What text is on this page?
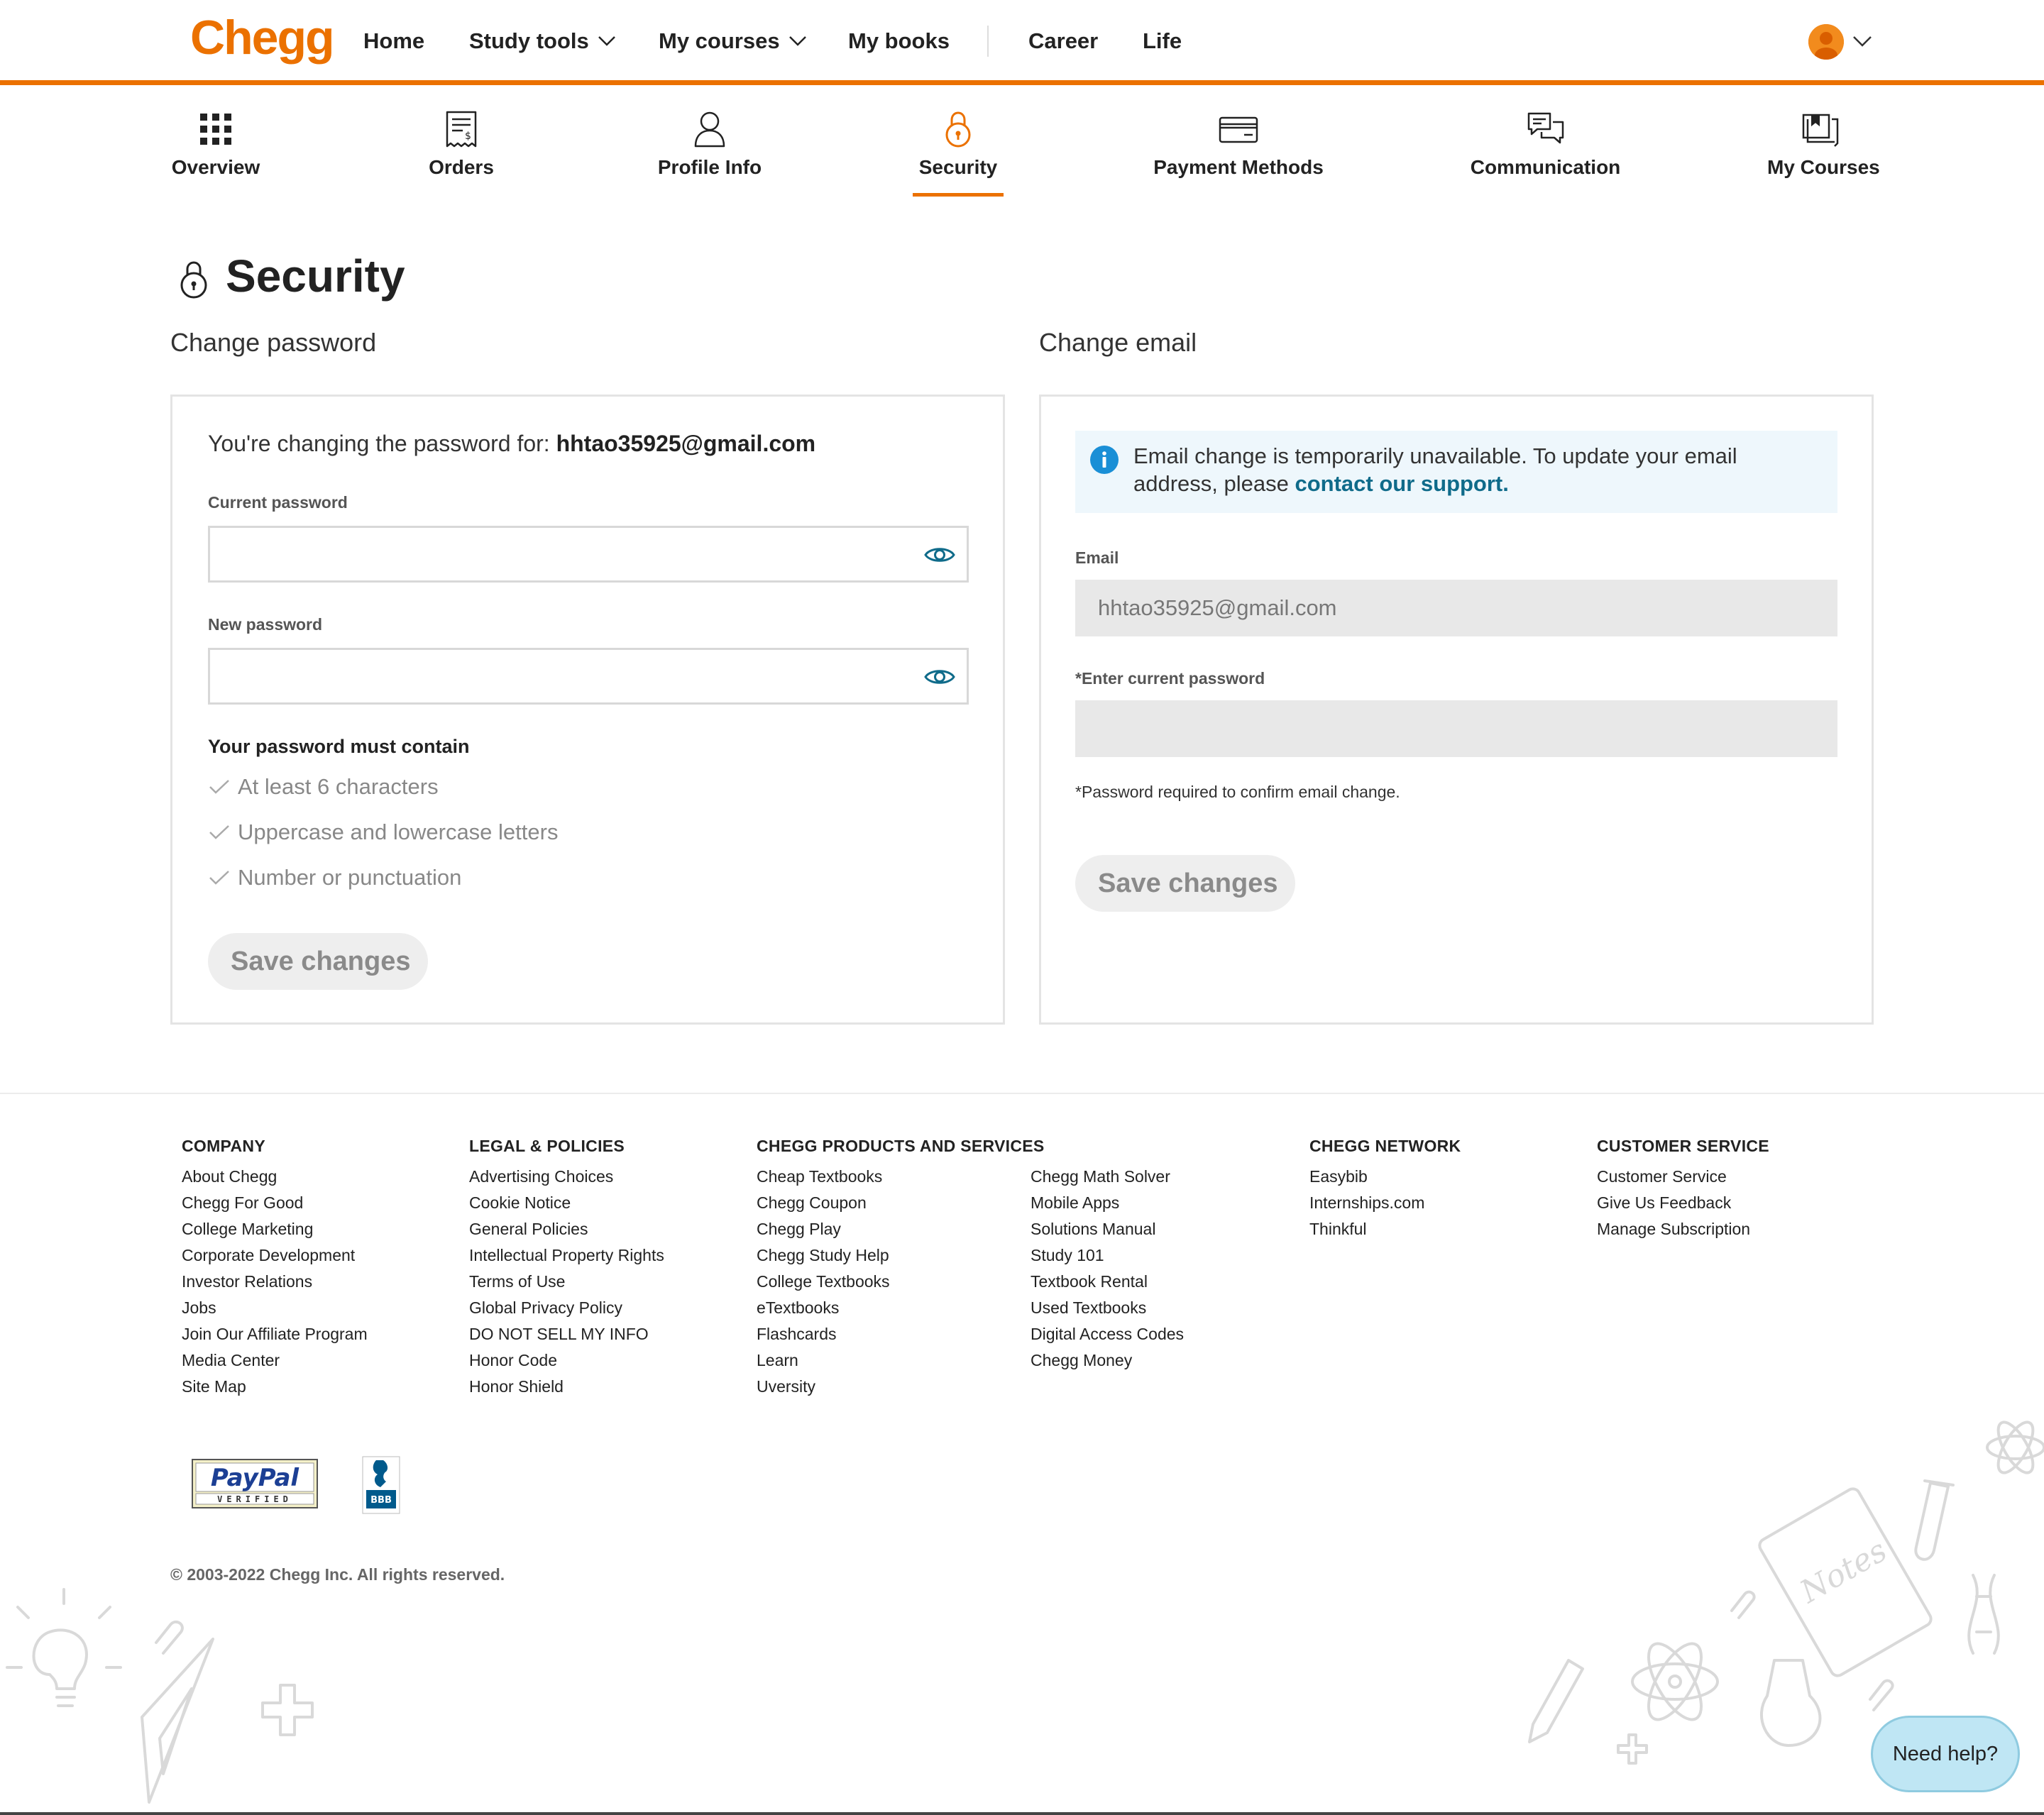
Chegg Home Study tools	My courses	My books	Career Life
Overview
$
Orders	Profile Info	Security	Payment Methods	Communication	My Courses
Security
Change password	Change email
You're changing the password for: hhtao35925@gmail.com
Current password
New password
Your password must contain
At least 6 characters
Uppercase and lowercase letters
Number or punctuation
Save changes
Email change is temporarily unavailable. To update your email address, please contact our support.
Email
hhtao35925@gmail.com
*Enter current password
*Password required to confirm email change.
Save changes
COMPANY
About Chegg
Chegg For Good
College Marketing
Corporate Development
Investor Relations
Jobs
Join Our Affiliate Program
Media Center
Site Map
LEGAL & POLICIES
Advertising Choices
Cookie Notice
General Policies
Intellectual Property Rights
Terms of Use
Global Privacy Policy
DO NOT SELL MY INFO
Honor Code
Honor Shield
CHEGG PRODUCTS AND SERVICES
Cheap Textbooks
Chegg Coupon
Chegg Play
Chegg Study Help
College Textbooks
eTextbooks
Flashcards
Learn
Uversity
Chegg Math Solver
Mobile Apps
Solutions Manual
Study 101
Textbook Rental
Used Textbooks
Digital Access Codes
Chegg Money
CHEGG NETWORK
Easybib
Internships.com
Thinkful
CUSTOMER SERVICE
Customer Service
Give Us Feedback
Manage Subscription
PayPal
VERIFIED	BBB
© 2003-2022 Chegg Inc. All rights reserved.	Notes
Need help?
